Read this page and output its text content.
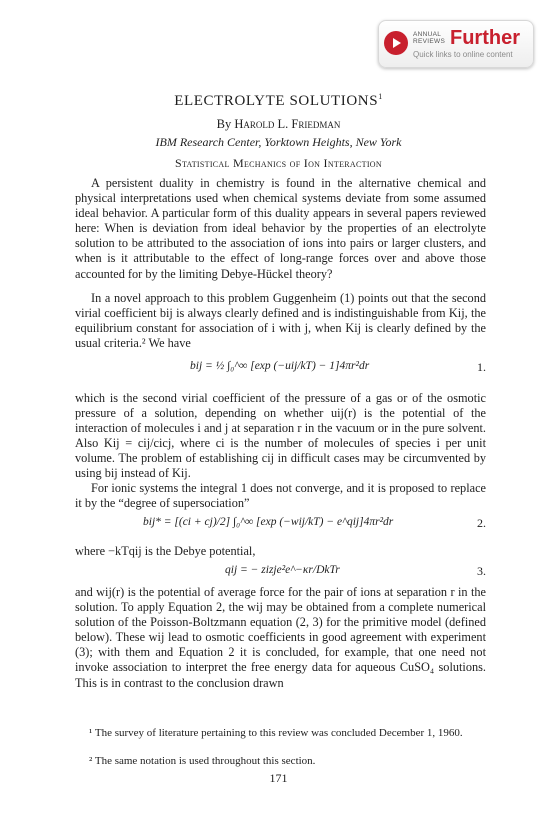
ANNUAL
REVIEWS Further
Quick links to online content
ELECTROLYTE SOLUTIONS$^1$
By Harold L. Friedman
IBM Research Center, Yorktown Heights, New York
Statistical Mechanics of Ion Interaction

A persistent duality in chemistry is found in the alternative chemical and physical interpretations used when chemical systems deviate from some assumed ideal behavior. A particular form of this duality appears in several papers reviewed here: When is deviation from ideal behavior by the properties of an electrolyte solution to be attributed to the association of ions into pairs or larger clusters, and when is it attributable to the effect of long-range forces over and above those accounted for by the limiting Debye-Hückel theory?

In a novel approach to this problem Guggenheim (1) points out that the second virial coefficient bij is always clearly defined and is indistinguishable from Kij, the equilibrium constant for association of i with j, when Kij is clearly defined by the usual criteria.² We have

bij = ½ ∫₀^∞ [exp (−uij/kT) − 1]4πr²dr	1.

which is the second virial coefficient of the pressure of a gas or of the osmotic pressure of a solution, depending on whether uij(r) is the potential of the interaction of molecules i and j at separation r in the vacuum or in the pure solvent. Also Kij = cij/cicj, where ci is the number of molecules of species i per unit volume. The problem of establishing cij in difficult cases may be circumvented by using bij instead of Kij.

For ionic systems the integral 1 does not converge, and it is proposed to replace it by the “degree of supersociation”

bij* = [(ci + cj)/2] ∫₀^∞ [exp (−wij/kT) − e^qij]4πr²dr	2.

where −kTqij is the Debye potential,

qij = − zizje²e^−κr/DkTr	3.

and wij(r) is the potential of average force for the pair of ions at separation r in the solution. To apply Equation 2, the wij may be obtained from a complete numerical solution of the Poisson-Boltzmann equation (2, 3) for the primitive model (defined below). These wij lead to osmotic coefficients in good agreement with experiment (3); with them and Equation 2 it is concluded, for example, that one need not invoke association to interpret the free energy data for aqueous CuSO₄ solutions. This is in contrast to the conclusion drawn

¹ The survey of literature pertaining to this review was concluded December 1, 1960.

² The same notation is used throughout this section.

171
